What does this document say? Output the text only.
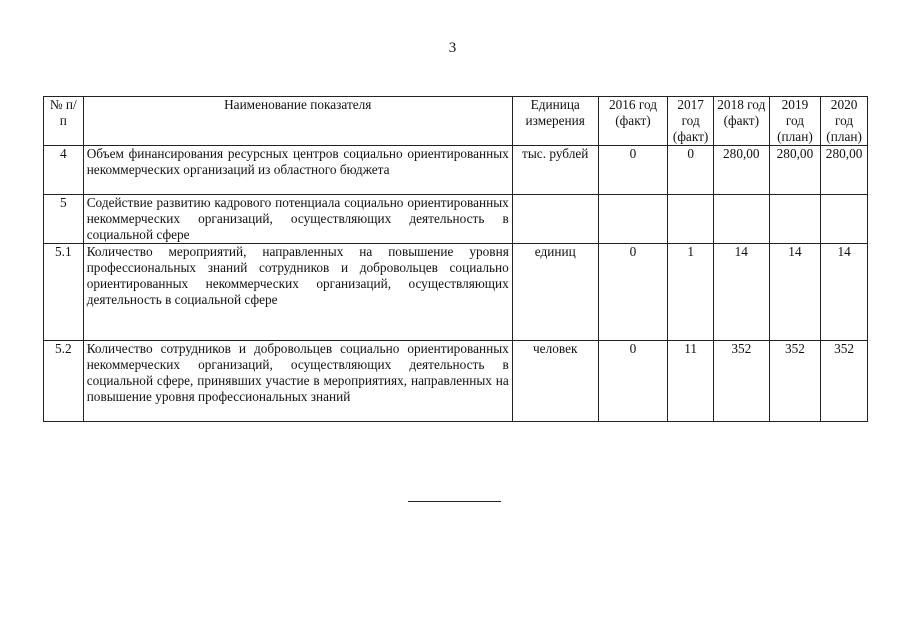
3
№ п/п	Наименование показателя	Единица измерения	2016 год (факт)	2017 год (факт)	2018 год (факт)	2019 год (план)	2020 год (план)
4	Объем финансирования ресурсных центров социально ориентированных некоммерческих организаций из областного бюджета	тыс. рублей	0	0	280,00	280,00	280,00
5	Содействие развитию кадрового потенциала социально ориентированных некоммерческих организаций, осуществляющих деятельность в социальной сфере						
5.1	Количество мероприятий, направленных на повышение уровня профессиональных знаний сотрудников и добровольцев социально ориентированных некоммерческих организаций, осуществляющих деятельность в социальной сфере	единиц	0	1	14	14	14
5.2	Количество сотрудников и добровольцев социально ориентированных некоммерческих организаций, осуществляющих деятельность в социальной сфере, принявших участие в мероприятиях, направленных на повышение уровня профессиональных знаний	человек	0	11	352	352	352
